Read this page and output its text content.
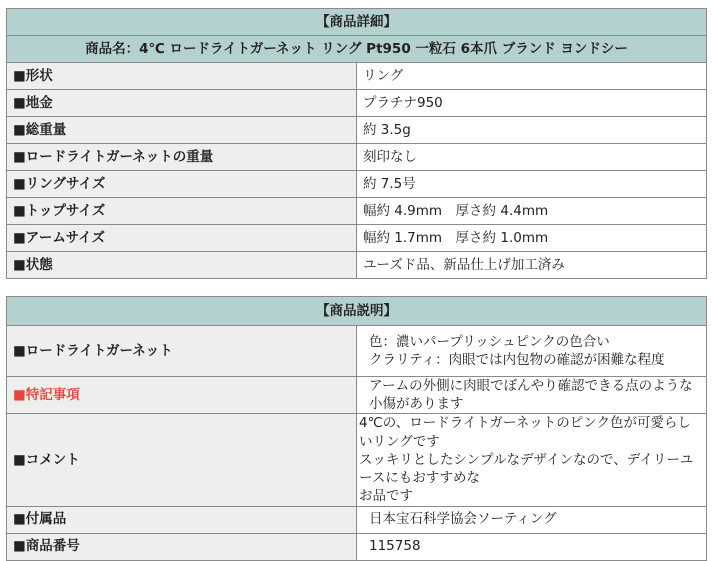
【商品詳細】	
商品名：4℃ ロードライトガーネット リング Pt950 一粒石 6本爪 ブランド ヨンドシー	
■形状	リング
■地金	プラチナ950
■総重量	約 3.5g
■ロードライトガーネットの重量	刻印なし
■リングサイズ	約 7.5号
■トップサイズ	幅約 4.9mm　厚さ約 4.4mm
■アームサイズ	幅約 1.7mm　厚さ約 1.0mm
■状態	ユーズド品、新品仕上げ加工済み
【商品説明】	
■ロードライトガーネット	色：濃いパープリッシュピンクの色合い
クラリティ：肉眼では内包物の確認が困難な程度

■特記事項	アームの外側に肉眼でぼんやり確認できる点のような小傷があります
■コメント	4℃の、ロードライトガーネットのピンク色が可愛らしいリングです
スッキリとしたシンプルなデザインなので、デイリーユースにもおすすめな
お品です

■付属品	日本宝石科学協会ソーティング
■商品番号	115758
